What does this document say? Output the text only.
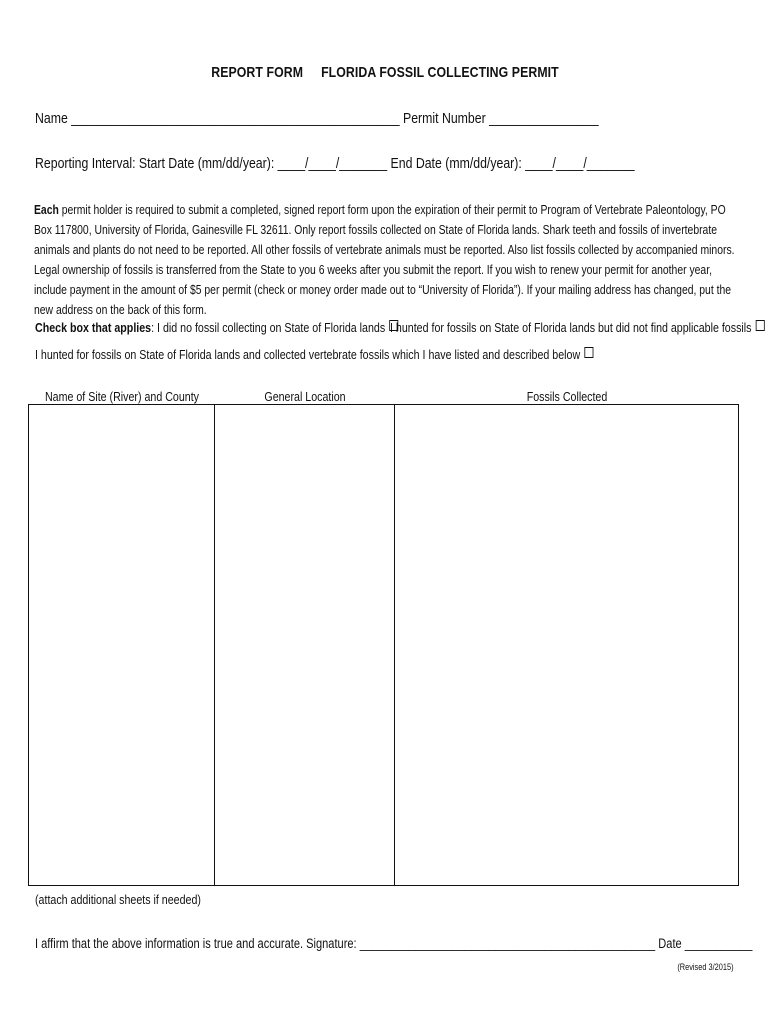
REPORT FORM FLORIDA FOSSIL COLLECTING PERMIT
Name ________________________________________________ Permit Number ________________
Reporting Interval: Start Date (mm/dd/year): ____/____/_______ End Date (mm/dd/year): ____/____/_______
Each permit holder is required to submit a completed, signed report form upon the expiration of their permit to Program of Vertebrate Paleontology, PO Box 117800, University of Florida, Gainesville FL 32611. Only report fossils collected on State of Florida lands. Shark teeth and fossils of invertebrate animals and plants do not need to be reported. All other fossils of vertebrate animals must be reported. Also list fossils collected by accompanied minors. Legal ownership of fossils is transferred from the State to you 6 weeks after you submit the report. If you wish to renew your permit for another year, include payment in the amount of $5 per permit (check or money order made out to “University of Florida”). If your mailing address has changed, put the new address on the back of this form.
Check box that applies: I did no fossil collecting on State of Florida lands I hunted for fossils on State of Florida lands but did not find applicable fossils
I hunted for fossils on State of Florida lands and collected vertebrate fossils which I have listed and described below
Name of Site (River) and County	General Location	Fossils Collected
(attach additional sheets if needed)
I affirm that the above information is true and accurate. Signature: ________________________________________________ Date ___________
(Revised 3/2015)
